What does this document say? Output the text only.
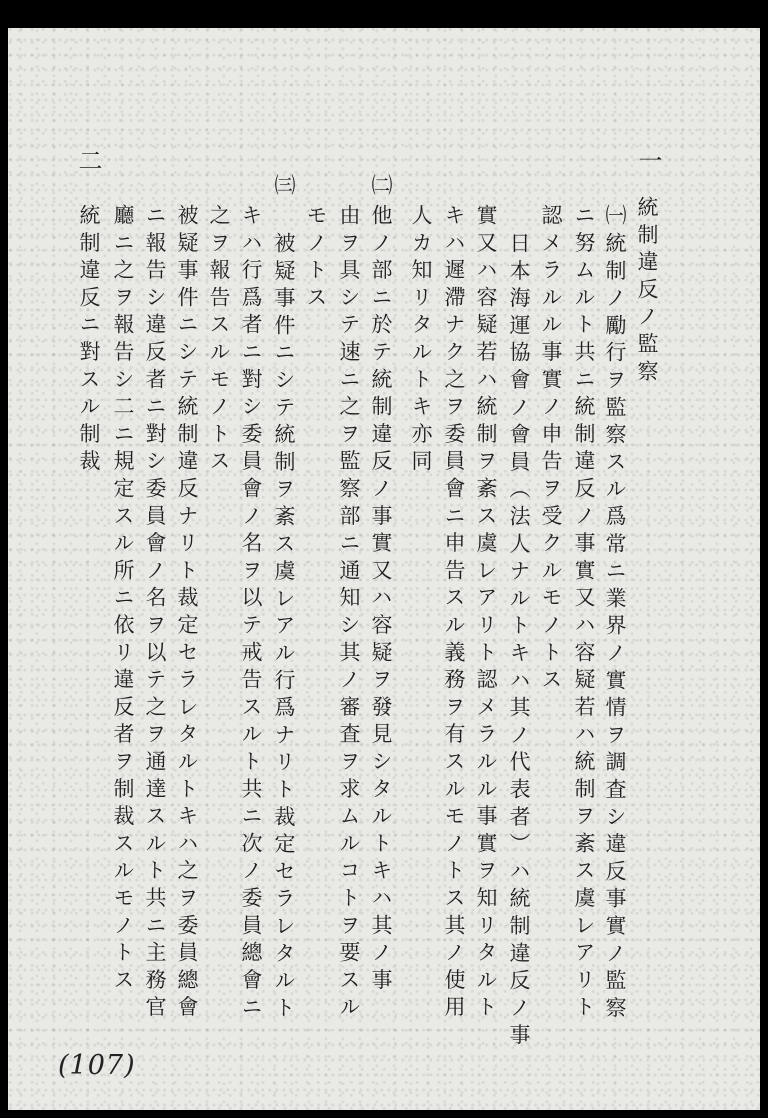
一

統制違反ノ監察

㈠

統制ノ勵行ヲ監察スル爲常ニ業界ノ實情ヲ調査シ違反事實ノ監察

ニ努ムルト共ニ統制違反ノ事實又ハ容疑若ハ統制ヲ紊ス虞レアリト

認メラルル事實ノ申告ヲ受クルモノトス

日本海運協會ノ會員（法人ナルトキハ其ノ代表者）ハ統制違反ノ事

實又ハ容疑若ハ統制ヲ紊ス虞レアリト認メラルル事實ヲ知リタルト

キハ遲滯ナク之ヲ委員會ニ申告スル義務ヲ有スルモノトス其ノ使用

人カ知リタルトキ亦同

㈡

他ノ部ニ於テ統制違反ノ事實又ハ容疑ヲ發見シタルトキハ其ノ事

由ヲ具シテ速ニ之ヲ監察部ニ通知シ其ノ審査ヲ求ムルコトヲ要スル

モノトス

㈢

被疑事件ニシテ統制ヲ紊ス虞レアル行爲ナリト裁定セラレタルト

キハ行爲者ニ對シ委員會ノ名ヲ以テ戒告スルト共ニ次ノ委員總會ニ

之ヲ報告スルモノトス

被疑事件ニシテ統制違反ナリト裁定セラレタルトキハ之ヲ委員總會

ニ報告シ違反者ニ對シ委員會ノ名ヲ以テ之ヲ通達スルト共ニ主務官

廳ニ之ヲ報告シ二ニ規定スル所ニ依リ違反者ヲ制裁スルモノトス

二

統制違反ニ對スル制裁

(107)
